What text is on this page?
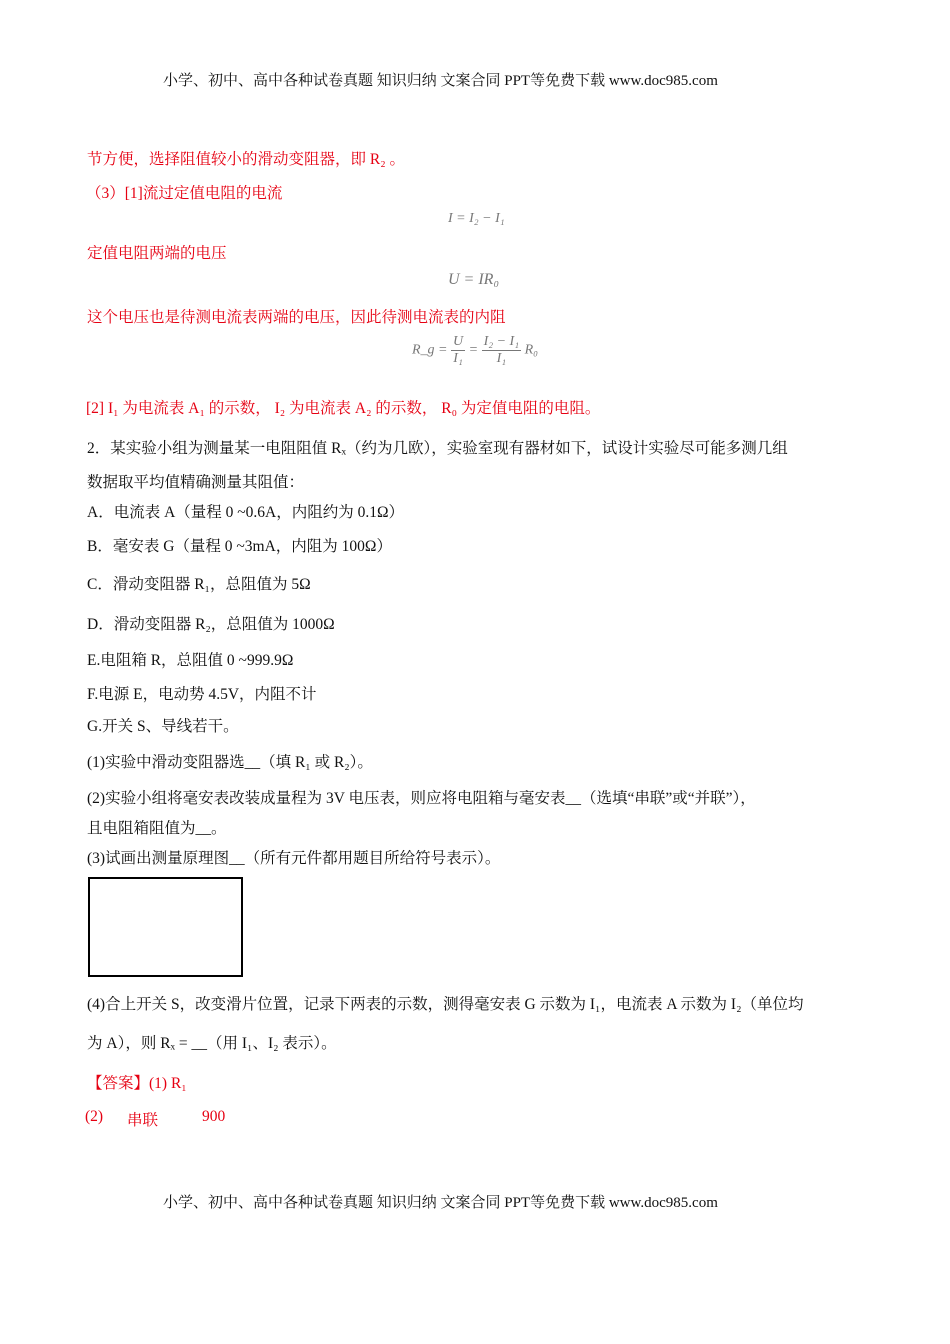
小学、初中、高中各种试卷真题 知识归纳 文案合同 PPT等免费下载 www.doc985.com
节方便，选择阻值较小的滑动变阻器，即 R₂ 。
（3）[1]流过定值电阻的电流
I = I₂ − I₁
定值电阻两端的电压
U = IR₀
这个电压也是待测电流表两端的电压，因此待测电流表的内阻
R_g = $\frac{U}{\text{I₁}} = \frac{\text{I₂ − I₁}}{\text{I₁}} R_0$
[2] I₁ 为电流表 A₁ 的示数， I₂ 为电流表 A₂ 的示数， R₀ 为定值电阻的电阻。
2．某实验小组为测量某一电阻阻值 Rₓ（约为几欧），实验室现有器材如下，试设计实验尽可能多测几组
数据取平均值精确测量其阻值：
A．电流表 A（量程 0 ~0.6A，内阻约为 0.1Ω）
B．毫安表 G（量程 0 ~3mA，内阻为 100Ω）
C．滑动变阻器 R₁，总阻值为 5Ω
D．滑动变阻器 R₂，总阻值为 1000Ω
E.电阻箱 R，总阻值 0 ~999.9Ω
F.电源 E，电动势 4.5V，内阻不计
G.开关 S、导线若干。
(1)实验中滑动变阻器选__（填 R₁ 或 R₂）。
(2)实验小组将毫安表改装成量程为 3V 电压表，则应将电阻箱与毫安表__（选填“串联”或“并联”），
且电阻箱阻值为__。
(3)试画出测量原理图__（所有元件都用题目所给符号表示）。
(4)合上开关 S，改变滑片位置，记录下两表的示数，测得毫安表 G 示数为 I₁，电流表 A 示数为 I₂（单位均
为 A），则 Rₓ = __（用 I₁、I₂ 表示）。
【答案】(1) R₁
(2) 串联	900
小学、初中、高中各种试卷真题 知识归纳 文案合同 PPT等免费下载 www.doc985.com
